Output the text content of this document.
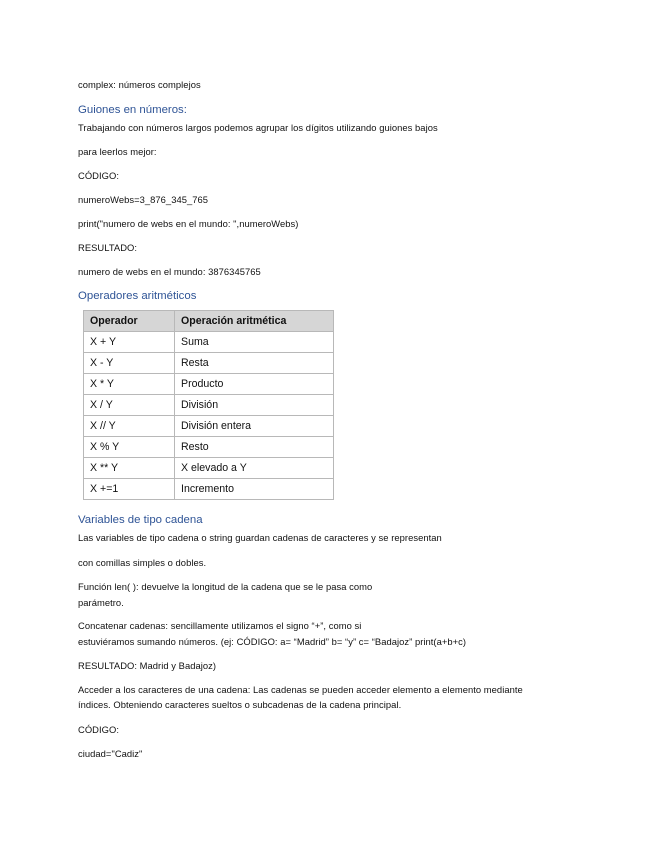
complex: números complejos
Guiones en números:
Trabajando con números largos podemos agrupar los dígitos utilizando guiones bajos
para leerlos mejor:
CÓDIGO:
numeroWebs=3_876_345_765
print("numero de webs en el mundo: ",numeroWebs)
RESULTADO:
numero de webs en el mundo: 3876345765
Operadores aritméticos
Operador	Operación aritmética
X + Y	Suma
X - Y	Resta
X * Y	Producto
X / Y	División
X // Y	División entera
X % Y	Resto
X ** Y	X elevado a Y
X +=1	Incremento
Variables de tipo cadena
Las variables de tipo cadena o string guardan cadenas de caracteres y se representan
con comillas simples o dobles.
Función len( ): devuelve la longitud de la cadena que se le pasa como
parámetro.
Concatenar cadenas: sencillamente utilizamos el signo “+”, como si
estuviéramos sumando números. (ej: CÓDIGO: a= “Madrid” b= “y” c= “Badajoz” print(a+b+c)
RESULTADO: Madrid y Badajoz)
Acceder a los caracteres de una cadena: Las cadenas se pueden acceder elemento a elemento mediante
índices. Obteniendo caracteres sueltos o subcadenas de la cadena principal.
CÓDIGO:
ciudad="Cadiz"
